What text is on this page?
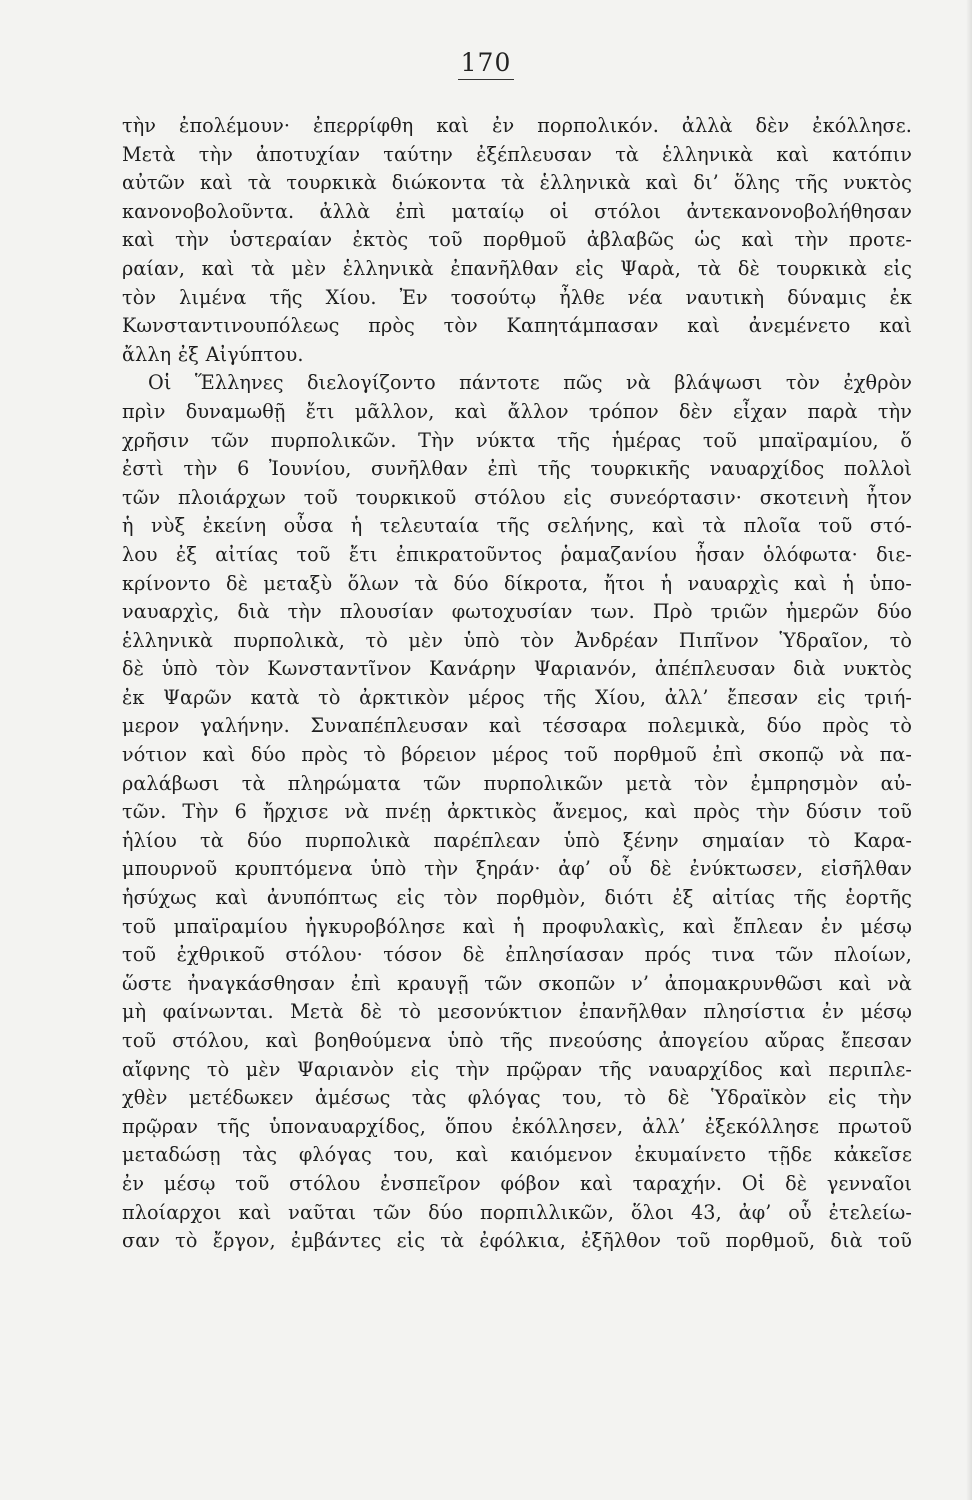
170
τὴν ἐπολέμουν· ἐπερρίφθη καὶ ἐν πορπολικόν. ἀλλὰ δὲν ἐκόλλησε.
Μετὰ τὴν ἀποτυχίαν ταύτην ἐξέπλευσαν τὰ ἑλληνικὰ καὶ κατόπιν
αὐτῶν καὶ τὰ τουρκικὰ διώκοντα τὰ ἑλληνικὰ καὶ δι’ ὅλης τῆς νυκτὸς
κανονοβολοῦντα. ἀλλὰ ἐπὶ ματαίῳ οἱ στόλοι ἀντεκανονοβολήθησαν
καὶ τὴν ὑστεραίαν ἐκτὸς τοῦ πορθμοῦ ἀβλαβῶς ὡς καὶ τὴν προτε-
ραίαν, καὶ τὰ μὲν ἑλληνικὰ ἐπανῆλθαν εἰς Ψαρὰ, τὰ δὲ τουρκικὰ εἰς
τὸν λιμένα τῆς Χίου. Ἐν τοσούτῳ ἦλθε νέα ναυτικὴ δύναμις ἐκ
Κωνσταντινουπόλεως πρὸς τὸν Καπητάμπασαν καὶ ἀνεμένετο καὶ
ἄλλη ἐξ Αἰγύπτου.
Οἱ Ἕλληνες διελογίζοντο πάντοτε πῶς νὰ βλάψωσι τὸν ἐχθρὸν
πρὶν δυναμωθῇ ἔτι μᾶλλον, καὶ ἄλλον τρόπον δὲν εἶχαν παρὰ τὴν
χρῆσιν τῶν πυρπολικῶν. Τὴν νύκτα τῆς ἡμέρας τοῦ μπαϊραμίου, ὅ
ἐστὶ τὴν 6 Ἰουνίου, συνῆλθαν ἐπὶ τῆς τουρκικῆς ναυαρχίδος πολλοὶ
τῶν πλοιάρχων τοῦ τουρκικοῦ στόλου εἰς συνεόρτασιν· σκοτεινὴ ἦτον
ἡ νὺξ ἐκείνη οὖσα ἡ τελευταία τῆς σελήνης, καὶ τὰ πλοῖα τοῦ στό-
λου ἐξ αἰτίας τοῦ ἔτι ἐπικρατοῦντος ῥαμαζανίου ἦσαν ὁλόφωτα· διε-
κρίνοντο δὲ μεταξὺ ὅλων τὰ δύο δίκροτα, ἤτοι ἡ ναυαρχὶς καὶ ἡ ὑπο-
ναυαρχὶς, διὰ τὴν πλουσίαν φωτοχυσίαν των. Πρὸ τριῶν ἡμερῶν δύο
ἑλληνικὰ πυρπολικὰ, τὸ μὲν ὑπὸ τὸν Ἀνδρέαν Πιπῖνον Ὑδραῖον, τὸ
δὲ ὑπὸ τὸν Κωνσταντῖνον Κανάρην Ψαριανόν, ἀπέπλευσαν διὰ νυκτὸς
ἐκ Ψαρῶν κατὰ τὸ ἀρκτικὸν μέρος τῆς Χίου, ἀλλ’ ἔπεσαν εἰς τριή-
μερον γαλήνην. Συναπέπλευσαν καὶ τέσσαρα πολεμικὰ, δύο πρὸς τὸ
νότιον καὶ δύο πρὸς τὸ βόρειον μέρος τοῦ πορθμοῦ ἐπὶ σκοπῷ νὰ πα-
ραλάβωσι τὰ πληρώματα τῶν πυρπολικῶν μετὰ τὸν ἐμπρησμὸν αὐ-
τῶν. Τὴν 6 ἤρχισε νὰ πνέῃ ἀρκτικὸς ἄνεμος, καὶ πρὸς τὴν δύσιν τοῦ
ἡλίου τὰ δύο πυρπολικὰ παρέπλεαν ὑπὸ ξένην σημαίαν τὸ Καρα-
μπουρνοῦ κρυπτόμενα ὑπὸ τὴν ξηράν· ἀφ’ οὗ δὲ ἐνύκτωσεν, εἰσῆλθαν
ἡσύχως καὶ ἀνυπόπτως εἰς τὸν πορθμὸν, διότι ἐξ αἰτίας τῆς ἑορτῆς
τοῦ μπαϊραμίου ἠγκυροβόλησε καὶ ἡ προφυλακὶς, καὶ ἔπλεαν ἐν μέσῳ
τοῦ ἐχθρικοῦ στόλου· τόσον δὲ ἐπλησίασαν πρός τινα τῶν πλοίων,
ὥστε ἠναγκάσθησαν ἐπὶ κραυγῇ τῶν σκοπῶν ν’ ἀπομακρυνθῶσι καὶ νὰ
μὴ φαίνωνται. Μετὰ δὲ τὸ μεσονύκτιον ἐπανῆλθαν πλησίστια ἐν μέσῳ
τοῦ στόλου, καὶ βοηθούμενα ὑπὸ τῆς πνεούσης ἀπογείου αὔρας ἔπεσαν
αἴφνης τὸ μὲν Ψαριανὸν εἰς τὴν πρῷραν τῆς ναυαρχίδος καὶ περιπλε-
χθὲν μετέδωκεν ἀμέσως τὰς φλόγας του, τὸ δὲ Ὑδραϊκὸν εἰς τὴν
πρῷραν τῆς ὑποναυαρχίδος, ὅπου ἐκόλλησεν, ἀλλ’ ἐξεκόλλησε πρωτοῦ
μεταδώσῃ τὰς φλόγας του, καὶ καιόμενον ἐκυμαίνετο τῇδε κἀκεῖσε
ἐν μέσῳ τοῦ στόλου ἐνσπεῖρον φόβον καὶ ταραχήν. Οἱ δὲ γενναῖοι
πλοίαρχοι καὶ ναῦται τῶν δύο πορπιλλικῶν, ὅλοι 43, ἀφ’ οὗ ἐτελείω-
σαν τὸ ἔργον, ἐμβάντες εἰς τὰ ἐφόλκια, ἐξῆλθον τοῦ πορθμοῦ, διὰ τοῦ
